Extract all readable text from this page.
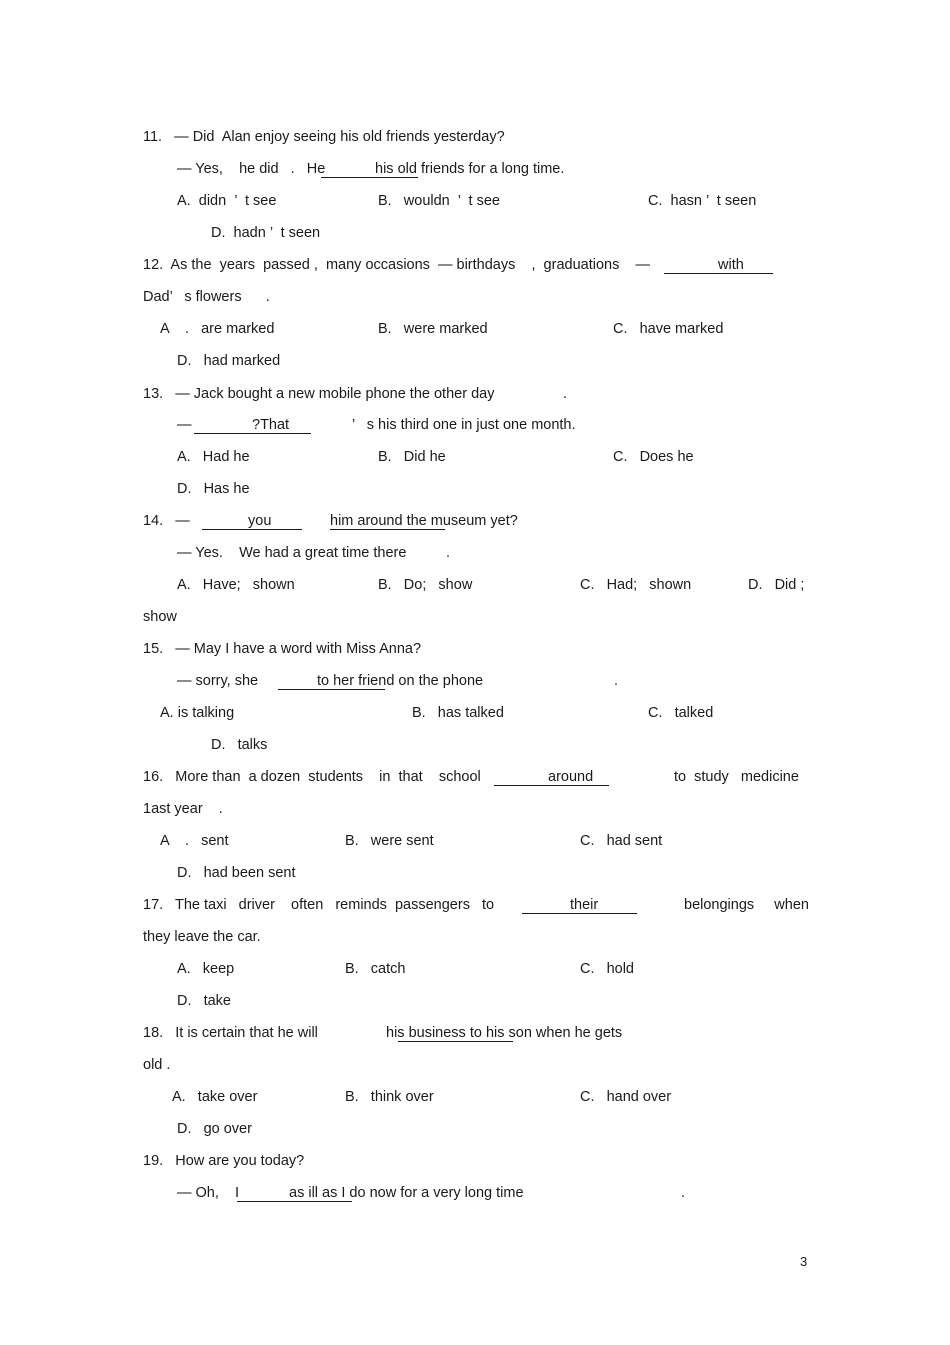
11.   — Did  Alan enjoy seeing his old friends yesterday?
— Yes,    he did   .   He	his old friends for a long time.
A.  didn  ’  t see	B.   wouldn  ’  t see	C.  hasn ’  t seen
D.  hadn ’  t seen
12.  As the  years  passed ,  many occasions  — birthdays    ,  graduations    —	with
Dad’   s flowers      .
A    .   are marked	B.   were marked	C.   have marked
D.   had marked
13.   — Jack bought a new mobile phone the other day	.
—	?That	’   s his third one in just one month.
A.   Had he	B.   Did he	C.   Does he
D.   Has he
14.   —	you	him around the museum yet?
— Yes.    We had a great time there	.
A.   Have;   shown	B.   Do;   show	C.   Had;   shown	D.   Did ;
show
15.   — May I have a word with Miss Anna?
— sorry, she	to her friend on the phone	.
A. is talking	B.   has talked	C.   talked
D.   talks
16.   More than  a dozen  students    in  that    school	around	to  study   medicine
1ast year    .
A    .   sent	B.   were sent	C.   had sent
D.   had been sent
17.   The taxi   driver    often   reminds  passengers   to	their	belongings     when
they leave the car.
A.   keep	B.   catch	C.   hold
D.   take
18.   It is certain that he will	his business to his son when he gets
old .
A.   take over	B.   think over	C.   hand over
D.   go over
19.   How are you today?
— Oh,    I	as ill as I do now for a very long time	.
3
